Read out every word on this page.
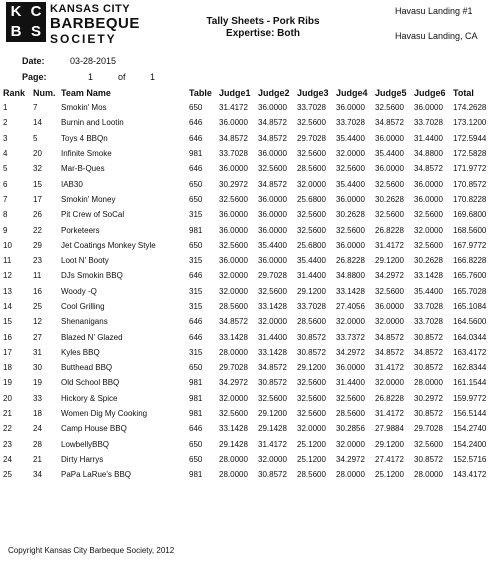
K C
B S
KANSAS CITY
BARBEQUE
SOCIETY
Tally Sheets - Pork Ribs
Expertise: Both
Havasu Landing #1
Havasu Landing, CA
Date:	03-28-2015
Page:	1	of	1
Rank	Num.	Team Name	Table	Judge1	Judge2	Judge3	Judge4	Judge5	Judge6	Total
1	7	Smokin' Mos	650	31.4172	36.0000	33.7028	36.0000	32.5600	36.0000	174.2628
2	14	Burnin and Lootin	646	36.0000	34.8572	32.5600	33.7028	34.8572	33.7028	173.1200
3	5	Toys 4 BBQn	646	34.8572	34.8572	29.7028	35.4400	36.0000	31.4400	172.5944
4	20	Infinite Smoke	981	33.7028	36.0000	32.5600	32.0000	35.4400	34.8800	172.5828
5	32	Mar-B-Ques	646	36.0000	32.5600	28.5600	32.5600	36.0000	34.8572	171.9772
6	15	IAB30	650	30.2972	34.8572	32.0000	35.4400	32.5600	36.0000	170.8572
7	17	Smokin' Money	650	32.5600	36.0000	25.6800	36.0000	30.2628	36.0000	170.8228
8	26	Pit Crew of SoCal	315	36.0000	36.0000	32.5600	30.2628	32.5600	32.5600	169.6800
9	22	Porketeers	981	36.0000	36.0000	32.5600	32.5600	26.8228	32.0000	168.5600
10	29	Jet Coatings Monkey Style	650	32.5600	35.4400	25.6800	36.0000	31.4172	32.5600	167.9772
11	23	Loot N' Booty	315	36.0000	36.0000	35.4400	26.8228	29.1200	30.2628	166.8228
12	11	DJs Smokin BBQ	646	32.0000	29.7028	31.4400	34.8800	34.2972	33.1428	165.7600
13	16	Woody -Q	315	32.0000	32.5600	29.1200	33.1428	32.5600	35.4400	165.7028
14	25	Cool Grilling	315	28.5600	33.1428	33.7028	27.4056	36.0000	33.7028	165.1084
15	12	Shenanigans	646	34.8572	32.0000	28.5600	32.0000	32.0000	33.7028	164.5600
16	27	Blazed N' Glazed	646	33.1428	31.4400	30.8572	33.7372	34.8572	30.8572	164.0344
17	31	Kyles BBQ	315	28.0000	33.1428	30.8572	34.2972	34.8572	34.8572	163.4172
18	30	Butthead BBQ	650	29.7028	34.8572	29.1200	36.0000	31.4172	30.8572	162.8344
19	19	Old School BBQ	981	34.2972	30.8572	32.5600	31.4400	32.0000	28.0000	161.1544
20	33	Hickory & Spice	981	32.0000	32.5600	32.5600	32.5600	26.8228	30.2972	159.9772
21	18	Women Dig My Cooking	981	32.5600	29.1200	32.5600	28.5600	31.4172	30.8572	156.5144
22	24	Camp House BBQ	646	33.1428	29.1428	32.0000	30.2856	27.9884	29.7028	154.2740
23	28	LowbellyBBQ	650	29.1428	31.4172	25.1200	32.0000	29.1200	32.5600	154.2400
24	21	Dirty Harrys	650	28.0000	32.0000	25.1200	34.2972	27.4172	30.8572	152.5716
25	34	PaPa LaRue's BBQ	981	28.0000	30.8572	28.5600	28.0000	25.1200	28.0000	143.4172
Copyright Kansas City Barbeque Society, 2012
